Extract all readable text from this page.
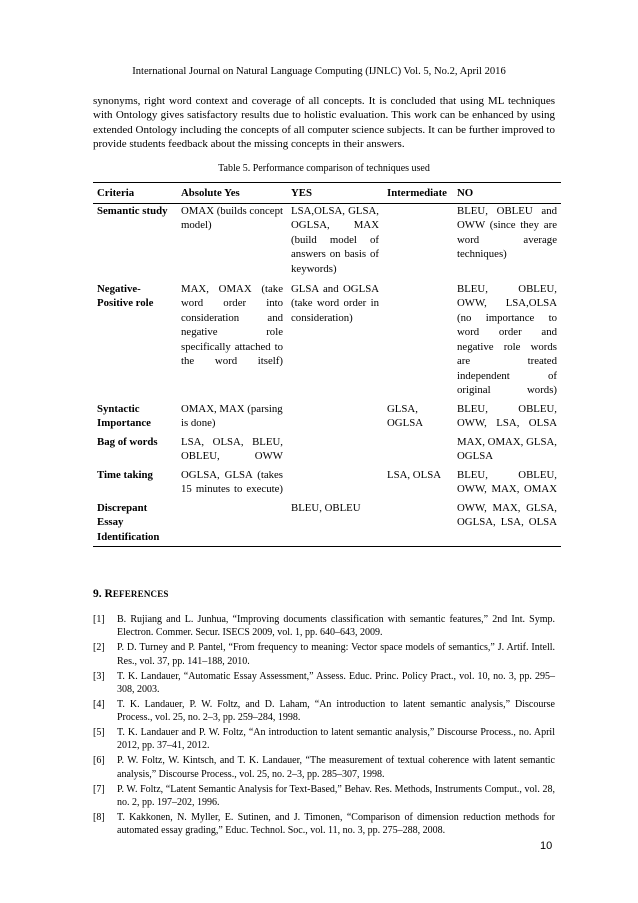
International Journal on Natural Language Computing (IJNLC) Vol. 5, No.2, April 2016

synonyms, right word context and coverage of all concepts. It is concluded that using ML techniques with Ontology gives satisfactory results due to holistic evaluation. This work can be enhanced by using extended Ontology including the concepts of all computer science subjects. It can be further improved to provide students feedback about the missing concepts in their answers.

Table 5. Performance comparison of techniques used
Criteria	Absolute Yes	YES	Intermediate	NO
Semantic study	OMAX (builds concept model)	LSA,OLSA, GLSA, OGLSA, MAX (build model of answers on basis of keywords)		BLEU, OBLEU and OWW (since they are word average techniques)
Negative-Positive role	MAX, OMAX (take word order into consideration and negative role specifically attached to the word itself)	GLSA and OGLSA (take word order in consideration)		BLEU, OBLEU, OWW, LSA,OLSA (no importance to word order and negative role words are treated independent of original words)
Syntactic Importance	OMAX, MAX (parsing is done)		GLSA, OGLSA	BLEU, OBLEU, OWW, LSA, OLSA
Bag of words	LSA, OLSA, BLEU, OBLEU, OWW			MAX, OMAX, GLSA, OGLSA
Time taking	OGLSA, GLSA (takes 15 minutes to execute)		LSA, OLSA	BLEU, OBLEU, OWW, MAX, OMAX
Discrepant Essay Identification		BLEU, OBLEU		OWW, MAX, GLSA, OGLSA, LSA, OLSA
9. REFERENCES
[1]	B. Rujiang and L. Junhua, “Improving documents classification with semantic features,” 2nd Int. Symp. Electron. Commer. Secur. ISECS 2009, vol. 1, pp. 640–643, 2009.
[2]	P. D. Turney and P. Pantel, “From frequency to meaning: Vector space models of semantics,” J. Artif. Intell. Res., vol. 37, pp. 141–188, 2010.
[3]	T. K. Landauer, “Automatic Essay Assessment,” Assess. Educ. Princ. Policy Pract., vol. 10, no. 3, pp. 295–308, 2003.
[4]	T. K. Landauer, P. W. Foltz, and D. Laham, “An introduction to latent semantic analysis,” Discourse Process., vol. 25, no. 2–3, pp. 259–284, 1998.
[5]	T. K. Landauer and P. W. Foltz, “An introduction to latent semantic analysis,” Discourse Process., no. April 2012, pp. 37–41, 2012.
[6]	P. W. Foltz, W. Kintsch, and T. K. Landauer, “The measurement of textual coherence with latent semantic analysis,” Discourse Process., vol. 25, no. 2–3, pp. 285–307, 1998.
[7]	P. W. Foltz, “Latent Semantic Analysis for Text-Based,” Behav. Res. Methods, Instruments Comput., vol. 28, no. 2, pp. 197–202, 1996.
[8]	T. Kakkonen, N. Myller, E. Sutinen, and J. Timonen, “Comparison of dimension reduction methods for automated essay grading,” Educ. Technol. Soc., vol. 11, no. 3, pp. 275–288, 2008.
10
